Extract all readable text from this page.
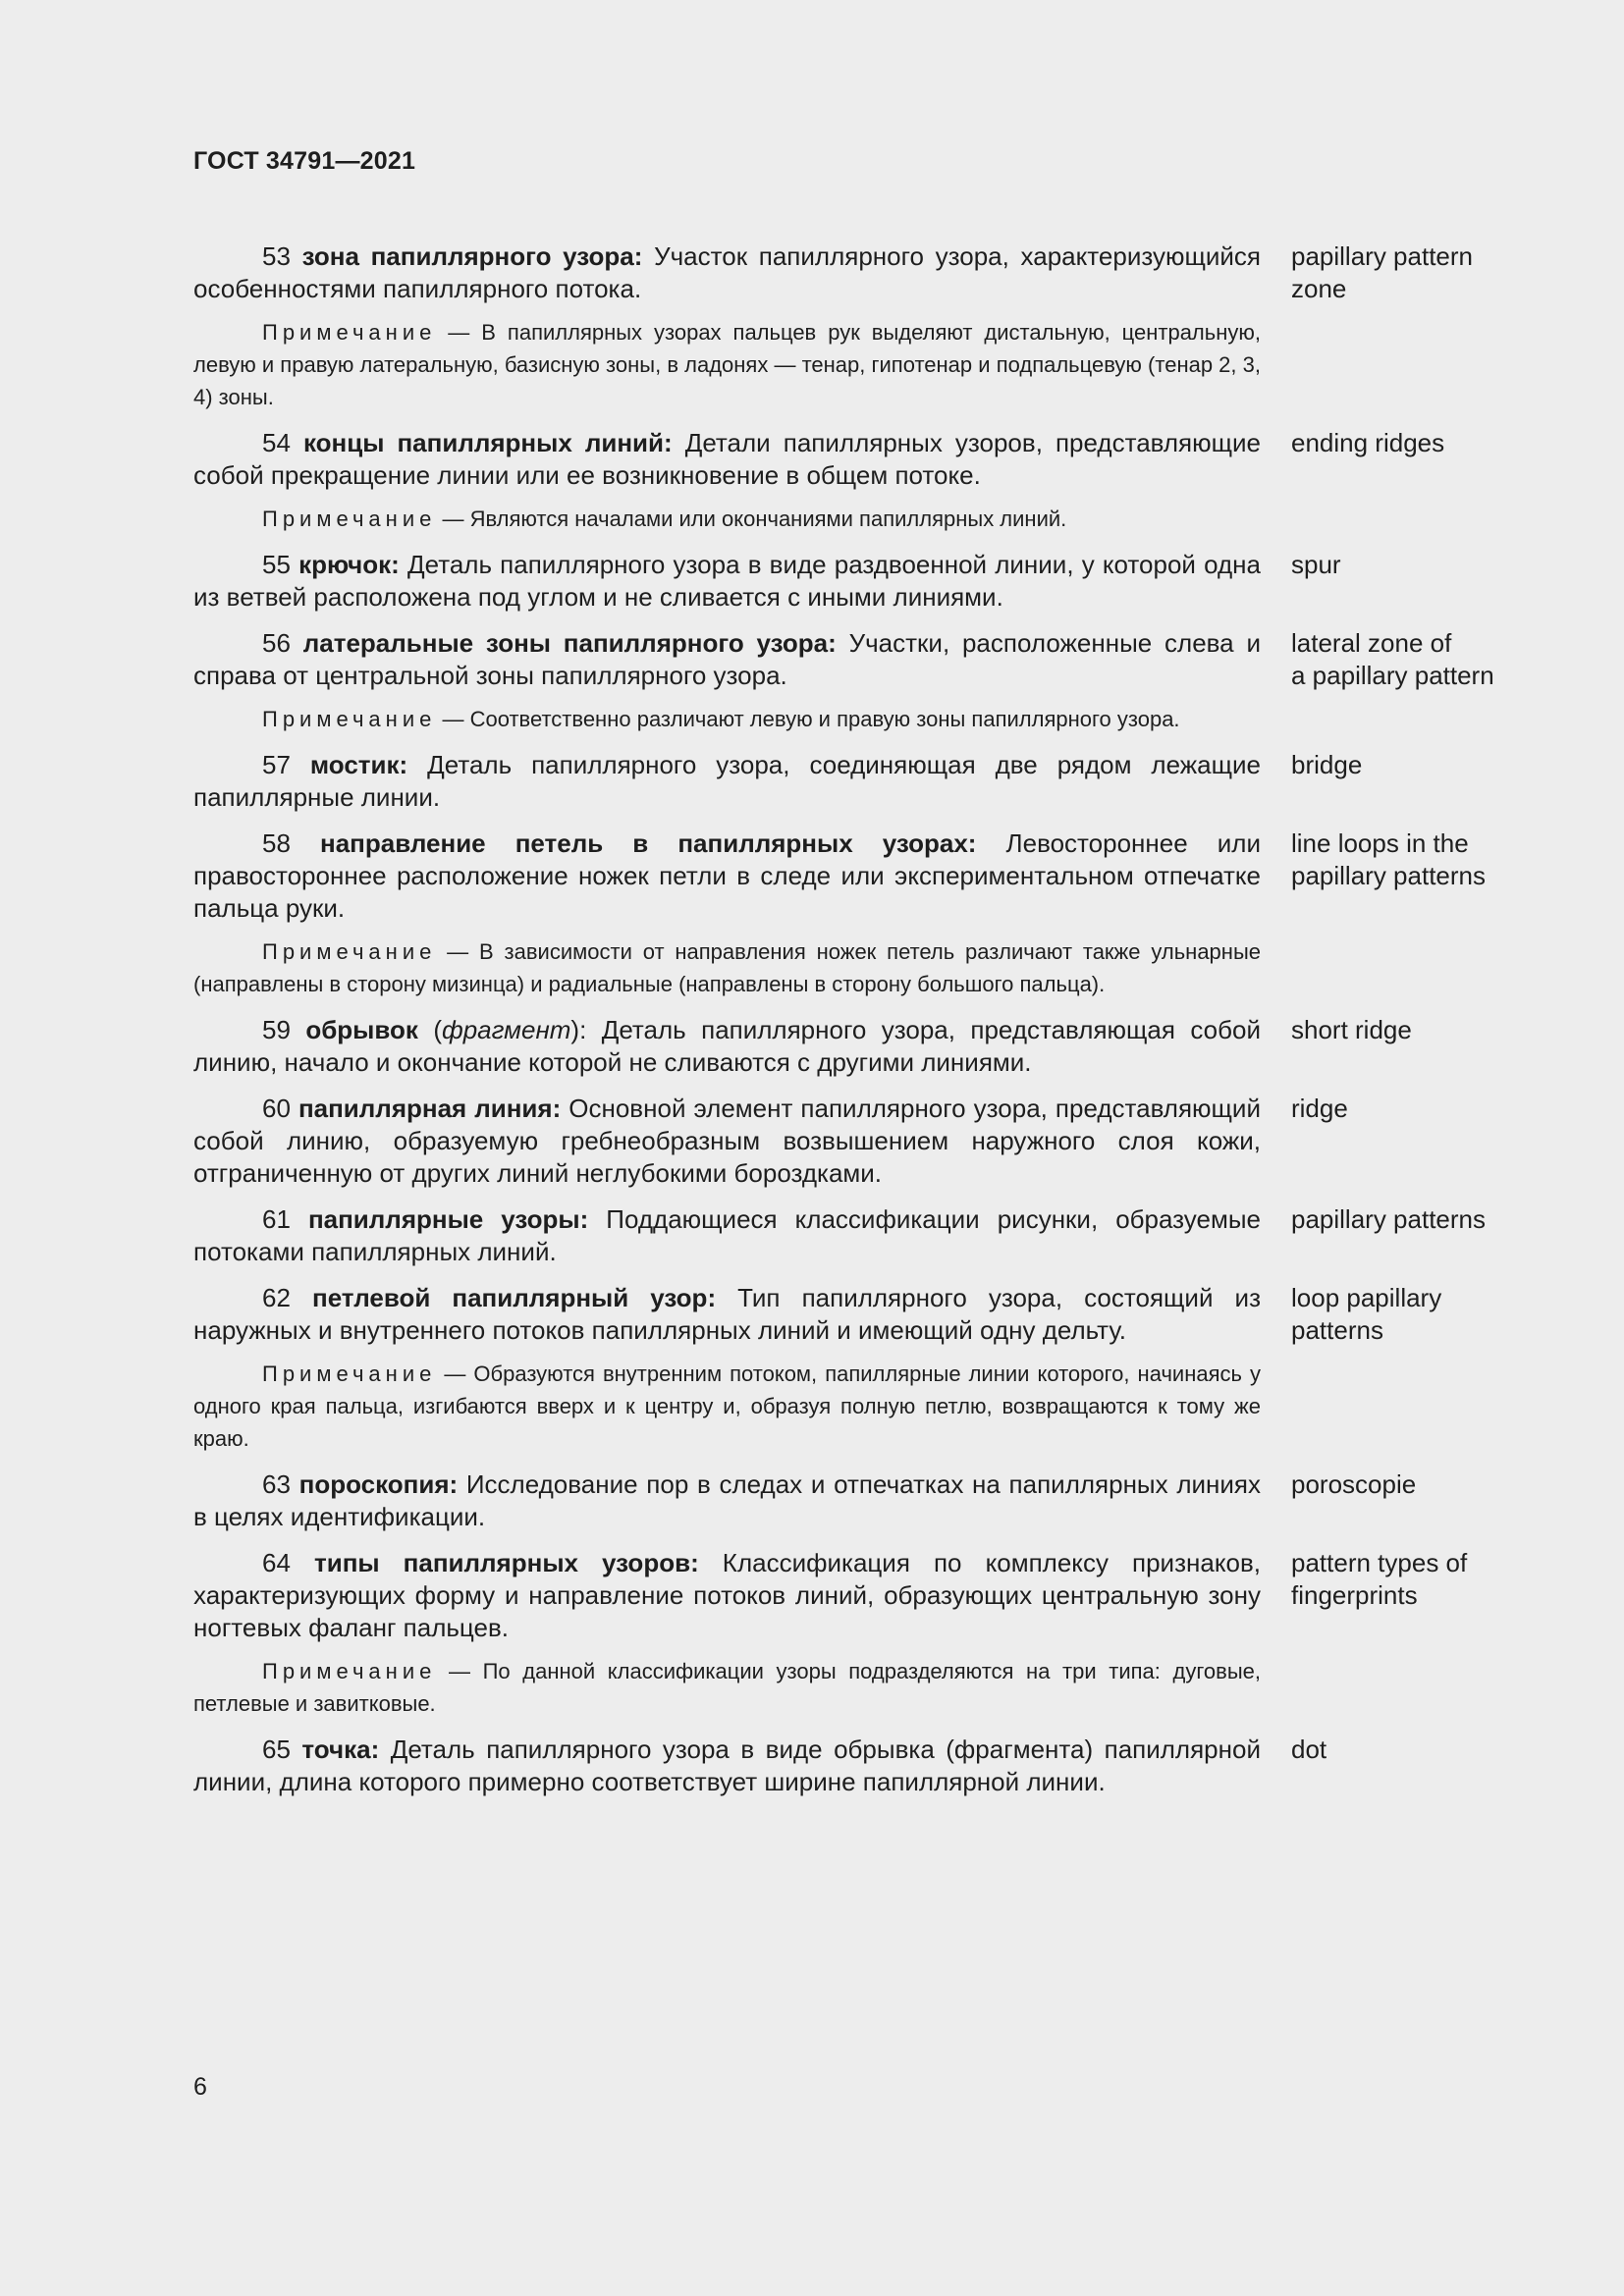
ГОСТ 34791—2021

53 зона папиллярного узора: Участок папиллярного узора, характеризующийся особенностями папиллярного потока.

Примечание — В папиллярных узорах пальцев рук выделяют дистальную, центральную, левую и правую латеральную, базисную зоны, в ладонях — тенар, гипотенар и подпальцевую (тенар 2, 3, 4) зоны.

papillary pattern
zone

54 концы папиллярных линий: Детали папиллярных узоров, представляющие собой прекращение линии или ее возникновение в общем потоке.

Примечание — Являются началами или окончаниями папиллярных линий.

ending ridges

55 крючок: Деталь папиллярного узора в виде раздвоенной линии, у которой одна из ветвей расположена под углом и не сливается с иными линиями.

spur

56 латеральные зоны папиллярного узора: Участки, расположенные слева и справа от центральной зоны папиллярного узора.

Примечание — Соответственно различают левую и правую зоны папиллярного узора.

lateral zone of
a papillary pattern

57 мостик: Деталь папиллярного узора, соединяющая две рядом лежащие папиллярные линии.

bridge

58 направление петель в папиллярных узорах: Левостороннее или правостороннее расположение ножек петли в следе или экспериментальном отпечатке пальца руки.

Примечание — В зависимости от направления ножек петель различают также ульнарные (направлены в сторону мизинца) и радиальные (направлены в сторону большого пальца).

line loops in the
papillary patterns

59 обрывок (фрагмент): Деталь папиллярного узора, представляющая собой линию, начало и окончание которой не сливаются с другими линиями.

short ridge

60 папиллярная линия: Основной элемент папиллярного узора, представляющий собой линию, образуемую гребнеобразным возвышением наружного слоя кожи, отграниченную от других линий неглубокими бороздками.

ridge

61 папиллярные узоры: Поддающиеся классификации рисунки, образуемые потоками папиллярных линий.

papillary patterns

62 петлевой папиллярный узор: Тип папиллярного узора, состоящий из наружных и внутреннего потоков папиллярных линий и имеющий одну дельту.

Примечание — Образуются внутренним потоком, папиллярные линии которого, начинаясь у одного края пальца, изгибаются вверх и к центру и, образуя полную петлю, возвращаются к тому же краю.

loop papillary
patterns

63 пороскопия: Исследование пор в следах и отпечатках на папиллярных линиях в целях идентификации.

poroscopie

64 типы папиллярных узоров: Классификация по комплексу признаков, характеризующих форму и направление потоков линий, образующих центральную зону ногтевых фаланг пальцев.

Примечание — По данной классификации узоры подразделяются на три типа: дуговые, петлевые и завитковые.

pattern types of
fingerprints

65 точка: Деталь папиллярного узора в виде обрывка (фрагмента) папиллярной линии, длина которого примерно соответствует ширине папиллярной линии.

dot
6
